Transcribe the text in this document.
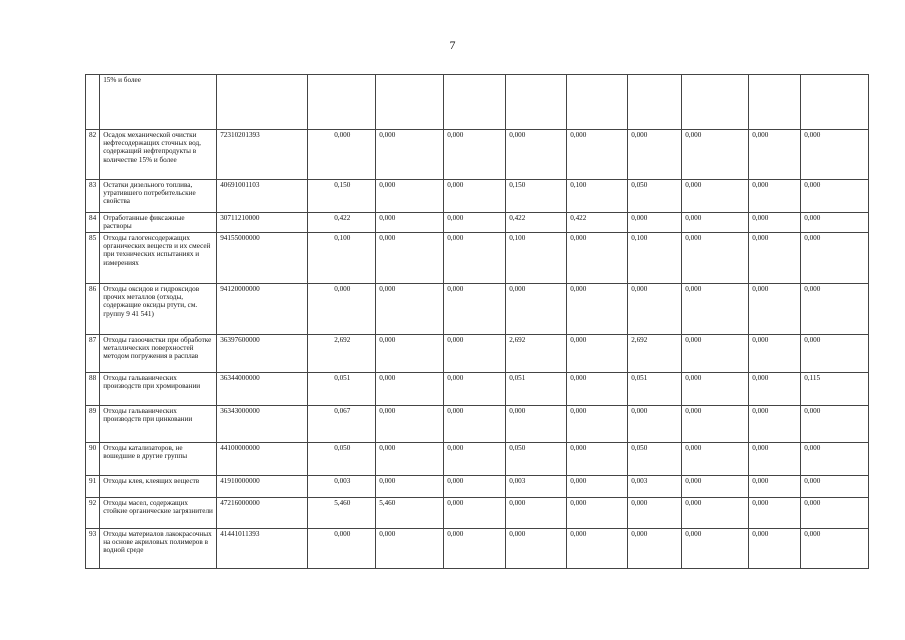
7
	15% и более										
82	Осадок механической очистки нефтесодержащих сточных вод, содержащий нефтепродукты в количестве 15% и более	72310201393	0,000	0,000	0,000	0,000	0,000	0,000	0,000	0,000	0,000
83	Остатки дизельного топлива, утратившего потребительские свойства	40691001103	0,150	0,000	0,000	0,150	0,100	0,050	0,000	0,000	0,000
84	Отработанные фиксажные растворы	30711210000	0,422	0,000	0,000	0,422	0,422	0,000	0,000	0,000	0,000
85	Отходы галогенсодержащих органических веществ и их смесей при технических испытаниях и измерениях	94155000000	0,100	0,000	0,000	0,100	0,000	0,100	0,000	0,000	0,000
86	Отходы оксидов и гидроксидов прочих металлов (отходы, содержащие оксиды ртути, см. группу 9 41 541)	94120000000	0,000	0,000	0,000	0,000	0,000	0,000	0,000	0,000	0,000
87	Отходы газоочистки при обработке металлических поверхностей методом погружения в расплав	36397600000	2,692	0,000	0,000	2,692	0,000	2,692	0,000	0,000	0,000
88	Отходы гальванических производств при хромировании	36344000000	0,051	0,000	0,000	0,051	0,000	0,051	0,000	0,000	0,115
89	Отходы гальванических производств при цинковании	36343000000	0,067	0,000	0,000	0,000	0,000	0,000	0,000	0,000	0,000
90	Отходы катализаторов, не вошедшие в другие группы	44100000000	0,050	0,000	0,000	0,050	0,000	0,050	0,000	0,000	0,000
91	Отходы клея, клеящих веществ	41910000000	0,003	0,000	0,000	0,003	0,000	0,003	0,000	0,000	0,000
92	Отходы масел, содержащих стойкие органические загрязнители	47216000000	5,460	5,460	0,000	0,000	0,000	0,000	0,000	0,000	0,000
93	Отходы материалов лакокрасочных на основе акриловых полимеров в водной среде	41441011393	0,000	0,000	0,000	0,000	0,000	0,000	0,000	0,000	0,000
